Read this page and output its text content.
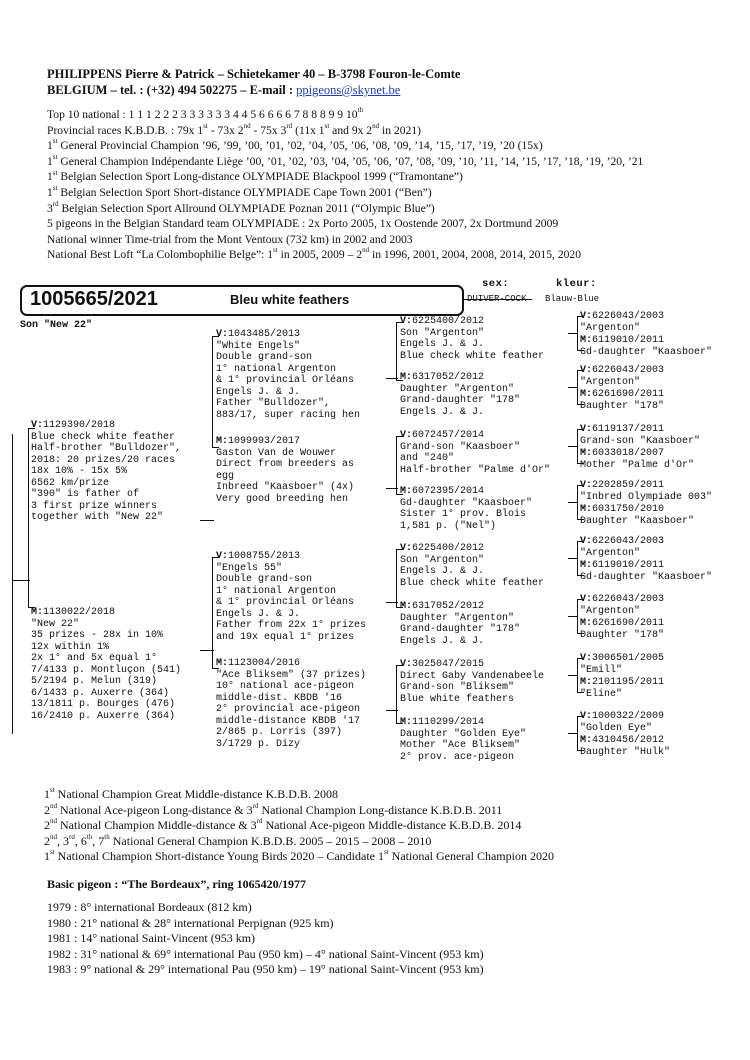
PHILIPPENS Pierre & Patrick – Schietekamer 40 – B-3798 Fouron-le-Comte
BELGIUM – tel. : (+32) 494 502275 – E-mail : ppigeons@skynet.be
Top 10 national : 1 1 1 2 2 2 3 3 3 3 3 3 4 4 5 6 6 6 6 7 8 8 8 9 9 10th
Provincial races K.B.D.B. : 79x 1st - 73x 2nd - 75x 3rd (11x 1st and 9x 2nd in 2021)
1st General Provincial Champion ’96, ’99, ’00, ’01, ’02, ’04, ’05, ’06, ’08, ’09, ’14, ’15, ’17, ’19, ’20 (15x)
1st General Champion Indépendante Liège ’00, ’01, ’02, ’03, ’04, ’05, ’06, ’07, ’08, ’09, ’10, ’11, ’14, ’15, ’17, ’18, ’19, ’20, ’21
1st Belgian Selection Sport Long-distance OLYMPIADE Blackpool 1999 (“Tramontane”)
1st Belgian Selection Sport Short-distance OLYMPIADE Cape Town 2001 (“Ben”)
3rd Belgian Selection Sport Allround OLYMPIADE Poznan 2011 (“Olympic Blue”)
5 pigeons in the Belgian Standard team OLYMPIADE : 2x Porto 2005, 1x Oostende 2007, 2x Dortmund 2009
National winner Time-trial from the Mont Ventoux (732 km) in 2002 and 2003
National Best Loft “La Colombophilie Belge”: 1st in 2005, 2009 – 2nd in 1996, 2001, 2004, 2008, 2014, 2015, 2020
1005665/2021	Bleu white feathers
sex:
DUIVER-COCK
kleur:
Blauw-Blue
Son "New 22"
V:1129390/2018
Blue check white feather
Half-brother "Bulldozer",
2018: 20 prizes/20 races
18x 10% - 15x 5%
6562 km/prize
"390" is father of
3 first prize winners
together with "New 22"
M:1130022/2018
"New 22"
35 prizes - 28x in 10%
12x within 1%
2x 1° and 5x equal 1°
7/4133 p. Montluçon (541)
5/2194 p. Melun (319)
6/1433 p. Auxerre (364)
13/1811 p. Bourges (476)
16/2410 p. Auxerre (364)
V:1043485/2013
"White Engels"
Double grand-son
1° national Argenton
& 1° provincial Orléans
Engels J. & J.
Father "Bulldozer",
883/17, super racing hen
M:1099993/2017
Gaston Van de Wouwer
Direct from breeders as
egg
Inbreed "Kaasboer" (4x)
Very good breeding hen
V:1008755/2013
"Engels 55"
Double grand-son
1° national Argenton
& 1° provincial Orléans
Engels J. & J.
Father from 22x 1° prizes
and 19x equal 1° prizes
M:1123004/2016
"Ace Bliksem" (37 prizes)
10° national ace-pigeon
middle-dist. KBDB '16
2° provincial ace-pigeon
middle-distance KBDB '17
2/865 p. Lorris (397)
3/1729 p. Dizy
V:6225400/2012
Son "Argenton"
Engels J. & J.
Blue check white feather
M:6317052/2012
Daughter "Argenton"
Grand-daughter "178"
Engels J. & J.
V:6072457/2014
Grand-son "Kaasboer"
and "240"
Half-brother "Palme d'Or"
M:6072395/2014
Gd-daughter "Kaasboer"
Sister 1° prov. Blois
1,581 p. ("Nel")
V:6225400/2012
Son "Argenton"
Engels J. & J.
Blue check white feather
M:6317052/2012
Daughter "Argenton"
Grand-daughter "178"
Engels J. & J.
V:3025047/2015
Direct Gaby Vandenabeele
Grand-son "Bliksem"
Blue white feathers
M:1110299/2014
Daughter "Golden Eye"
Mother "Ace Bliksem"
2° prov. ace-pigeon
V:6226043/2003
"Argenton"
M:6119010/2011
Gd-daughter "Kaasboer"
V:6226043/2003
"Argenton"
M:6261690/2011
Daughter "178"
V:6119137/2011
Grand-son "Kaasboer"
M:6033018/2007
Mother "Palme d'Or"
V:2202859/2011
"Inbred Olympiade 003"
M:6031750/2010
Daughter "Kaasboer"
V:6226043/2003
"Argenton"
M:6119010/2011
Gd-daughter "Kaasboer"
V:6226043/2003
"Argenton"
M:6261690/2011
Daughter "178"
V:3006501/2005
"Emill"
M:2101195/2011
"Eline"
V:1000322/2009
"Golden Eye"
M:4310456/2012
Daughter "Hulk"
1st National Champion Great Middle-distance K.B.D.B. 2008
2nd National Ace-pigeon Long-distance & 3rd National Champion Long-distance K.B.D.B. 2011
2nd National Champion Middle-distance & 3rd National Ace-pigeon Middle-distance K.B.D.B. 2014
2nd, 3rd, 6th, 7th National General Champion K.B.D.B. 2005 – 2015 – 2008 – 2010
1st National Champion Short-distance Young Birds 2020 – Candidate 1st National General Champion 2020
Basic pigeon : “The Bordeaux”, ring 1065420/1977
1979 : 8° international Bordeaux (812 km)
1980 : 21° national & 28° international Perpignan (925 km)
1981 : 14° national Saint-Vincent (953 km)
1982 : 31° national & 69° international Pau (950 km) – 4° national Saint-Vincent (953 km)
1983 : 9° national & 29° international Pau (950 km) – 19° national Saint-Vincent (953 km)
